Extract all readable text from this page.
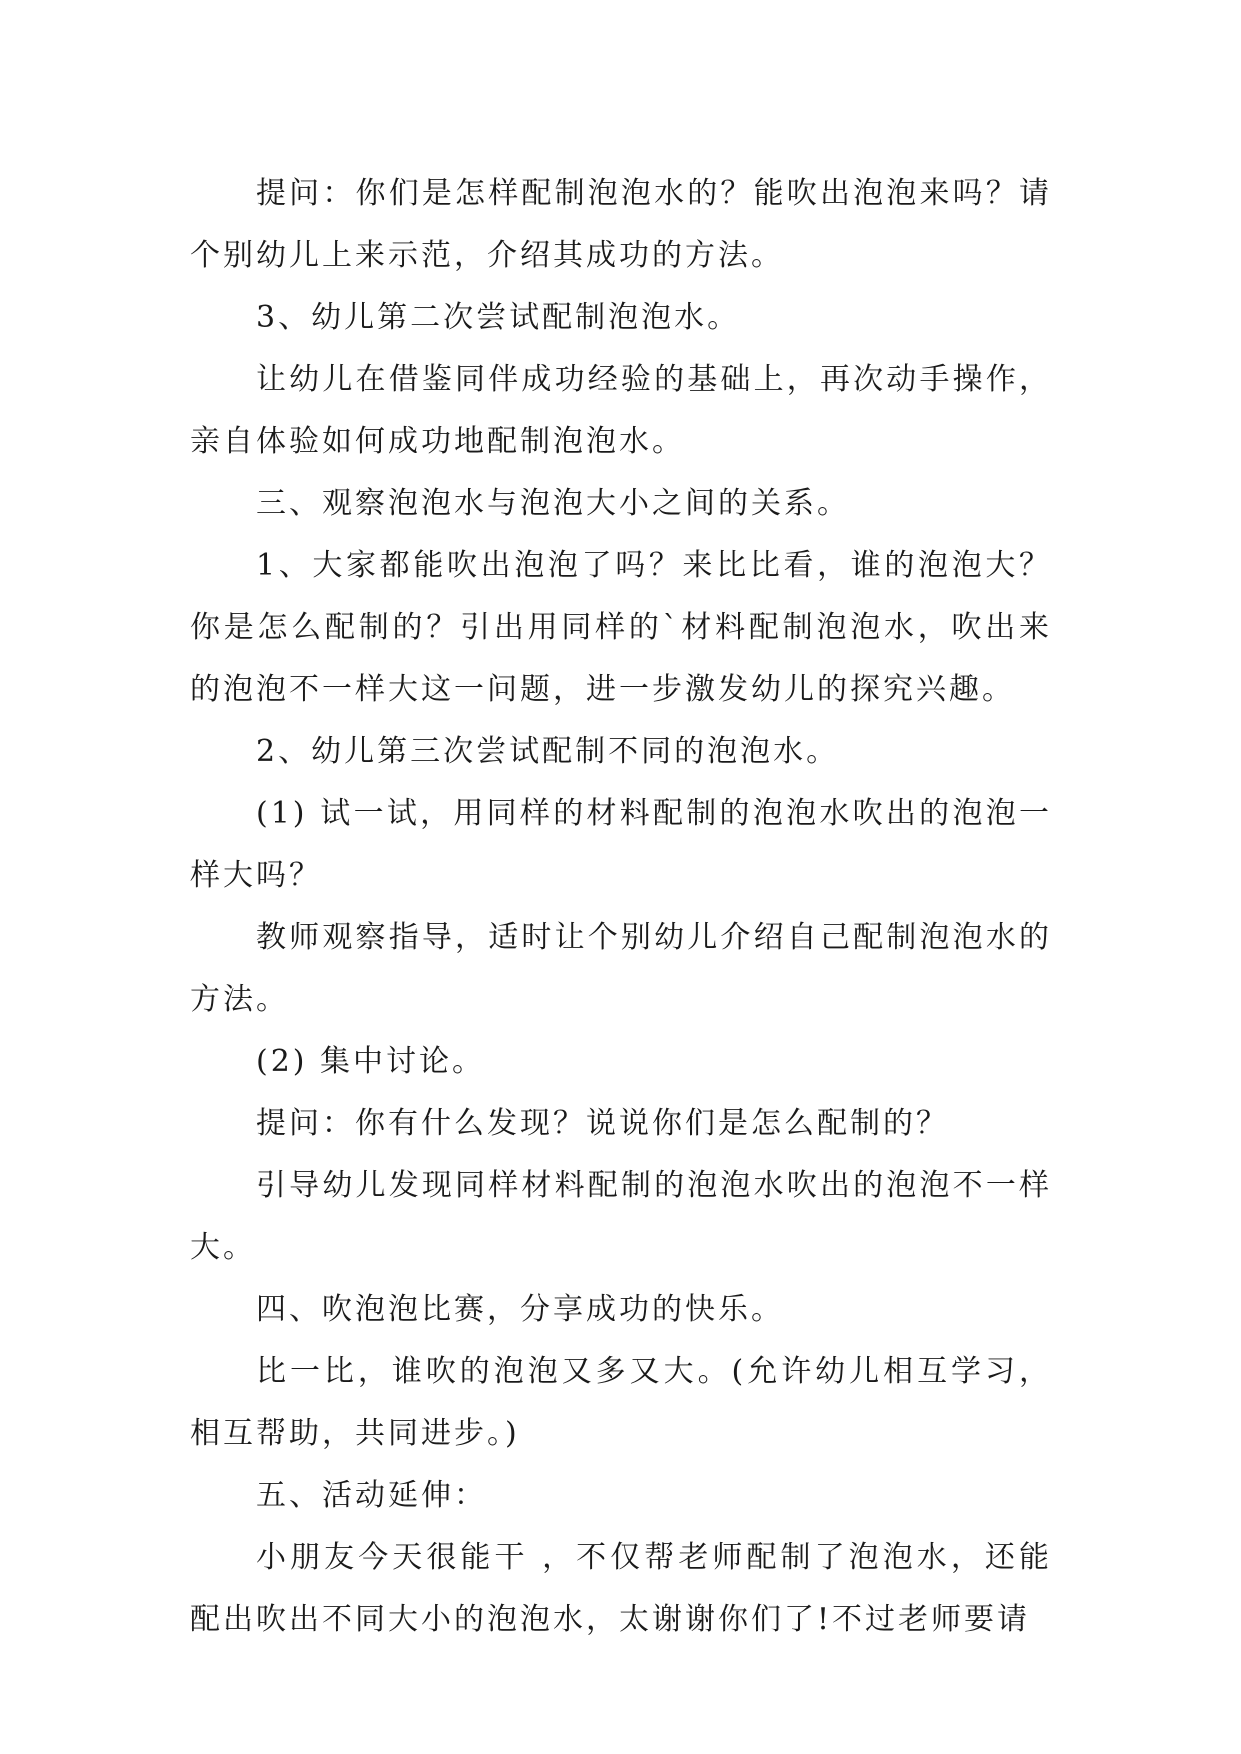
提问：你们是怎样配制泡泡水的？能吹出泡泡来吗？请个别幼儿上来示范，介绍其成功的方法。

3、幼儿第二次尝试配制泡泡水。

让幼儿在借鉴同伴成功经验的基础上，再次动手操作，亲自体验如何成功地配制泡泡水。

三、观察泡泡水与泡泡大小之间的关系。

1、大家都能吹出泡泡了吗？来比比看，谁的泡泡大？你是怎么配制的？引出用同样的`材料配制泡泡水，吹出来的泡泡不一样大这一问题，进一步激发幼儿的探究兴趣。

2、幼儿第三次尝试配制不同的泡泡水。

(1) 试一试，用同样的材料配制的泡泡水吹出的泡泡一样大吗？

教师观察指导，适时让个别幼儿介绍自己配制泡泡水的方法。

(2) 集中讨论。

提问：你有什么发现？说说你们是怎么配制的？

引导幼儿发现同样材料配制的泡泡水吹出的泡泡不一样大。

四、吹泡泡比赛，分享成功的快乐。

比一比，谁吹的泡泡又多又大。(允许幼儿相互学习，相互帮助，共同进步。)

五、活动延伸：

小朋友今天很能干 ，不仅帮老师配制了泡泡水，还能配出吹出不同大小的泡泡水，太谢谢你们了!不过老师要请
